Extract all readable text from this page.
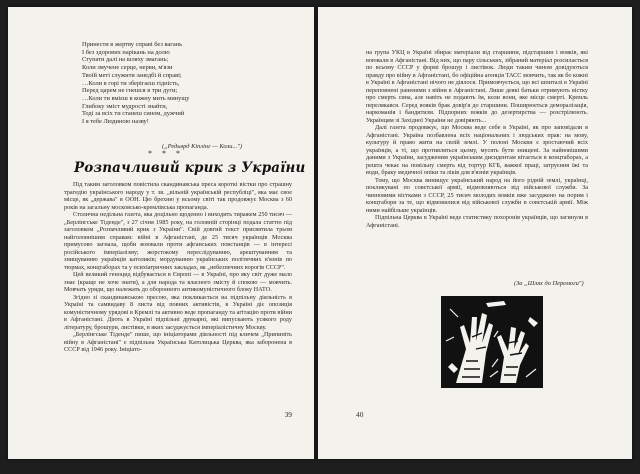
Принести в жертву справі без вагань
І без здорових нарікань на долю
Ступати далі на шляху змагань;
Коли змучене серце, нерви, м'язи
Твоїй меті служити занедбі й справі;
…Коли в горі ти зберігаєш гідність,
Перед царем не гнешся в три дуги;
…Коли ти вмієш в кожну мить минущу
Глибоку зміст мудрості знайти,
Тоді за всіх ти станеш сином, дужчий
І я тебе Людиною назву!
(„Редьярд Кіплінг — Коли...")
* * *
Розпачливий крик з України

Під таким заголовком повістила скандинавська преса короткі вістки про страшну трагедію українського народу у т. зв. „вільній українській республіці", яка має свое місце, як „держава" в ООН. Цю брехню у всьому світі так продовжує Москва з 60 років на загальну московсько-кремлівська пропаганда.

Столична недільна газета, яка доцільно щоденно і виходить тиражем 250 тисяч — „Берлінгське Тіденде", з 27 січня 1985 року, на головній сторінці подала статтю під заголовком „Розпачливий крик з України". Свій довгий текст присвятила трьом найголовнішим справам: війні в Афганістані, де 25 тисяч українців Москва примусово загнала, щоби воювали проти афганських повстанців — в інтересі російського імперіалізму; жорстокому переслідуванню, арештуванням та знищуванню українців католиків; мордуванню українських політичних в'язнів по тюрмах, концтаборах та у психіатричних закладах, як „небезпечних ворогів СССР".

Цей великий геноцид відбувається в Європі — в Україні, про яку світ дуже мало знає (краще не хоче знати), а для народа та власного змісту й спокою — мовчить. Мовчать уряди, що належать до оборонного антикомуністичного блоку НАТО.

Згідно зі скандинавською пресою, яка покликається на підпільну діяльність в Україні та самвидаву 8 листа від повних активістів, в Україні діє опозиція комуністичному урядові в Кремлі та активно веде пропаганду та агітацію проти війни в Афганістані. Діють в Україні підпільні друкарні, які випускають усякого роду літературу, брошури, листівки, в яких засуджується імперіалістичну Москву.

„Берлінгське Тіденде" пише, що ініціаторами діяльності під кличем „Припиніть війну в Афганістані" є підпільна Українська Католицька Церква, яка заборонена в СССР від 1946 року. Ініціато-

39

на група УКЦ в Україні збирає матеріали від старшини, підстаршин і вояків, які воювали в Афганістані. Від них, що пару сільських, зібраний матеріал розсилається по всьому СССР у формі брошур і листівок. Люди таким чином довідуються правду про війну в Афганістані, бо офіційна агенція ТАСС мовчить, так як бо кожні в Україні в Афганістані нічого не діялося. Примовчується, що всі шпиталі в Україні переповнені раненими з війни в Афганістані. Лише деякі батьки отримують вістку про смерть сина, але навіть не подають їм, коли вони, яке місце смерті. Кремль перелякався. Серед вояків брак довір'я до старшини. Поширюється деморалізація, наркоманія і бандитизм. Підпорних вояків до дезертирства — розстрілюють. Українцям зі Західної України не довіряють...

Далі газета продовжує, що Москва веде себе в Україні, як про заповідали в Афганістані. Україна позбавлена всіх національних і людських прав: на мову, культуру й право жити на своїй землі. У полоні Москви є зростаючий всіх українців, а ті, що противляться цьому, мусять бути знищені. За найновішими даними з України, засудженим українським дисидентам вітається в концтаборах, а решта чекає на повільну смерть від тортур КГБ, важкої праці, затруєння їжі та води, браку медичної опіки та ліків для в'язнів українців.

Тому, що Москва винищує український народ на його рідній землі, українці, покликувані по совєтської армії, відмовляються від військової служби. За чинновими вістками з СССР, 25 тисяч молодих вояків вже засуджено на порим і концтабори за те, що відмовилися від військової служби в совєтській армії. Між ними найбільше українців.

Підпільна Церква в Україні веде статистику похоронів українців, що загинули в Афганістані.

(За „Шлях до Перемоги")
40
